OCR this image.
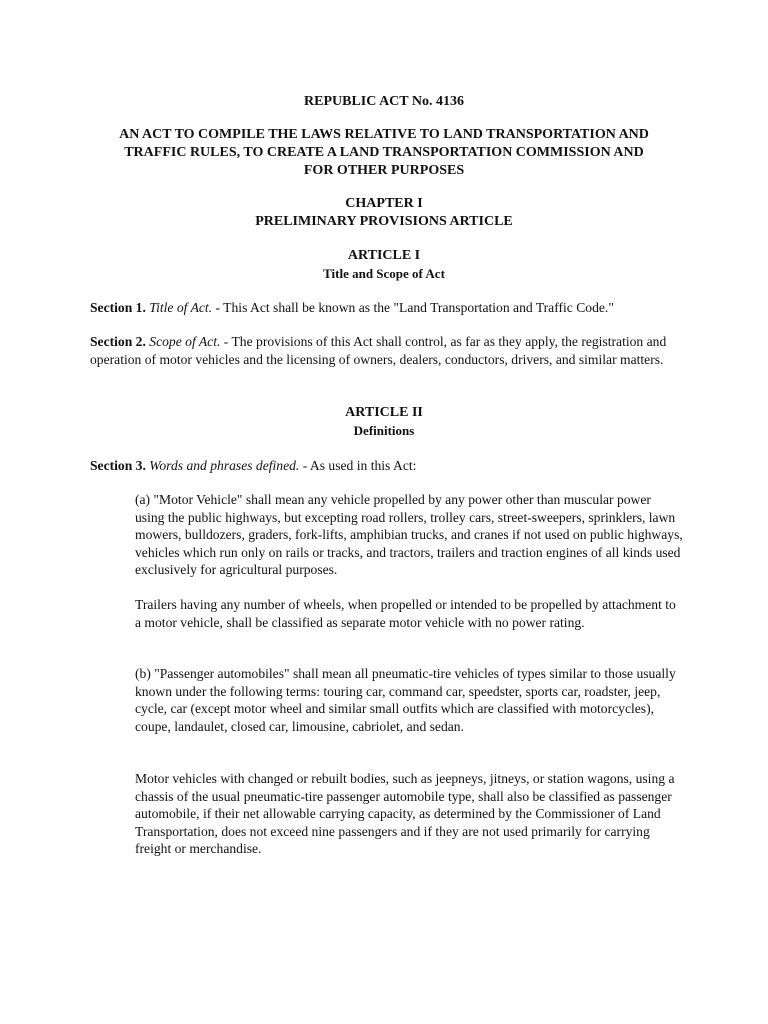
REPUBLIC ACT No. 4136

AN ACT TO COMPILE THE LAWS RELATIVE TO LAND TRANSPORTATION AND
TRAFFIC RULES, TO CREATE A LAND TRANSPORTATION COMMISSION AND
FOR OTHER PURPOSES
CHAPTER I
PRELIMINARY PROVISIONS ARTICLE
ARTICLE I
Title and Scope of Act

Section 1. Title of Act. - This Act shall be known as the "Land Transportation and Traffic Code."

Section 2. Scope of Act. - The provisions of this Act shall control, as far as they apply, the registration and operation of motor vehicles and the licensing of owners, dealers, conductors, drivers, and similar matters.

ARTICLE II
Definitions

Section 3. Words and phrases defined. - As used in this Act:

(a) "Motor Vehicle" shall mean any vehicle propelled by any power other than muscular power using the public highways, but excepting road rollers, trolley cars, street-sweepers, sprinklers, lawn mowers, bulldozers, graders, fork-lifts, amphibian trucks, and cranes if not used on public highways, vehicles which run only on rails or tracks, and tractors, trailers and traction engines of all kinds used exclusively for agricultural purposes.

Trailers having any number of wheels, when propelled or intended to be propelled by attachment to a motor vehicle, shall be classified as separate motor vehicle with no power rating.

(b) "Passenger automobiles" shall mean all pneumatic-tire vehicles of types similar to those usually known under the following terms: touring car, command car, speedster, sports car, roadster, jeep, cycle, car (except motor wheel and similar small outfits which are classified with motorcycles), coupe, landaulet, closed car, limousine, cabriolet, and sedan.

Motor vehicles with changed or rebuilt bodies, such as jeepneys, jitneys, or station wagons, using a chassis of the usual pneumatic-tire passenger automobile type, shall also be classified as passenger automobile, if their net allowable carrying capacity, as determined by the Commissioner of Land Transportation, does not exceed nine passengers and if they are not used primarily for carrying freight or merchandise.
